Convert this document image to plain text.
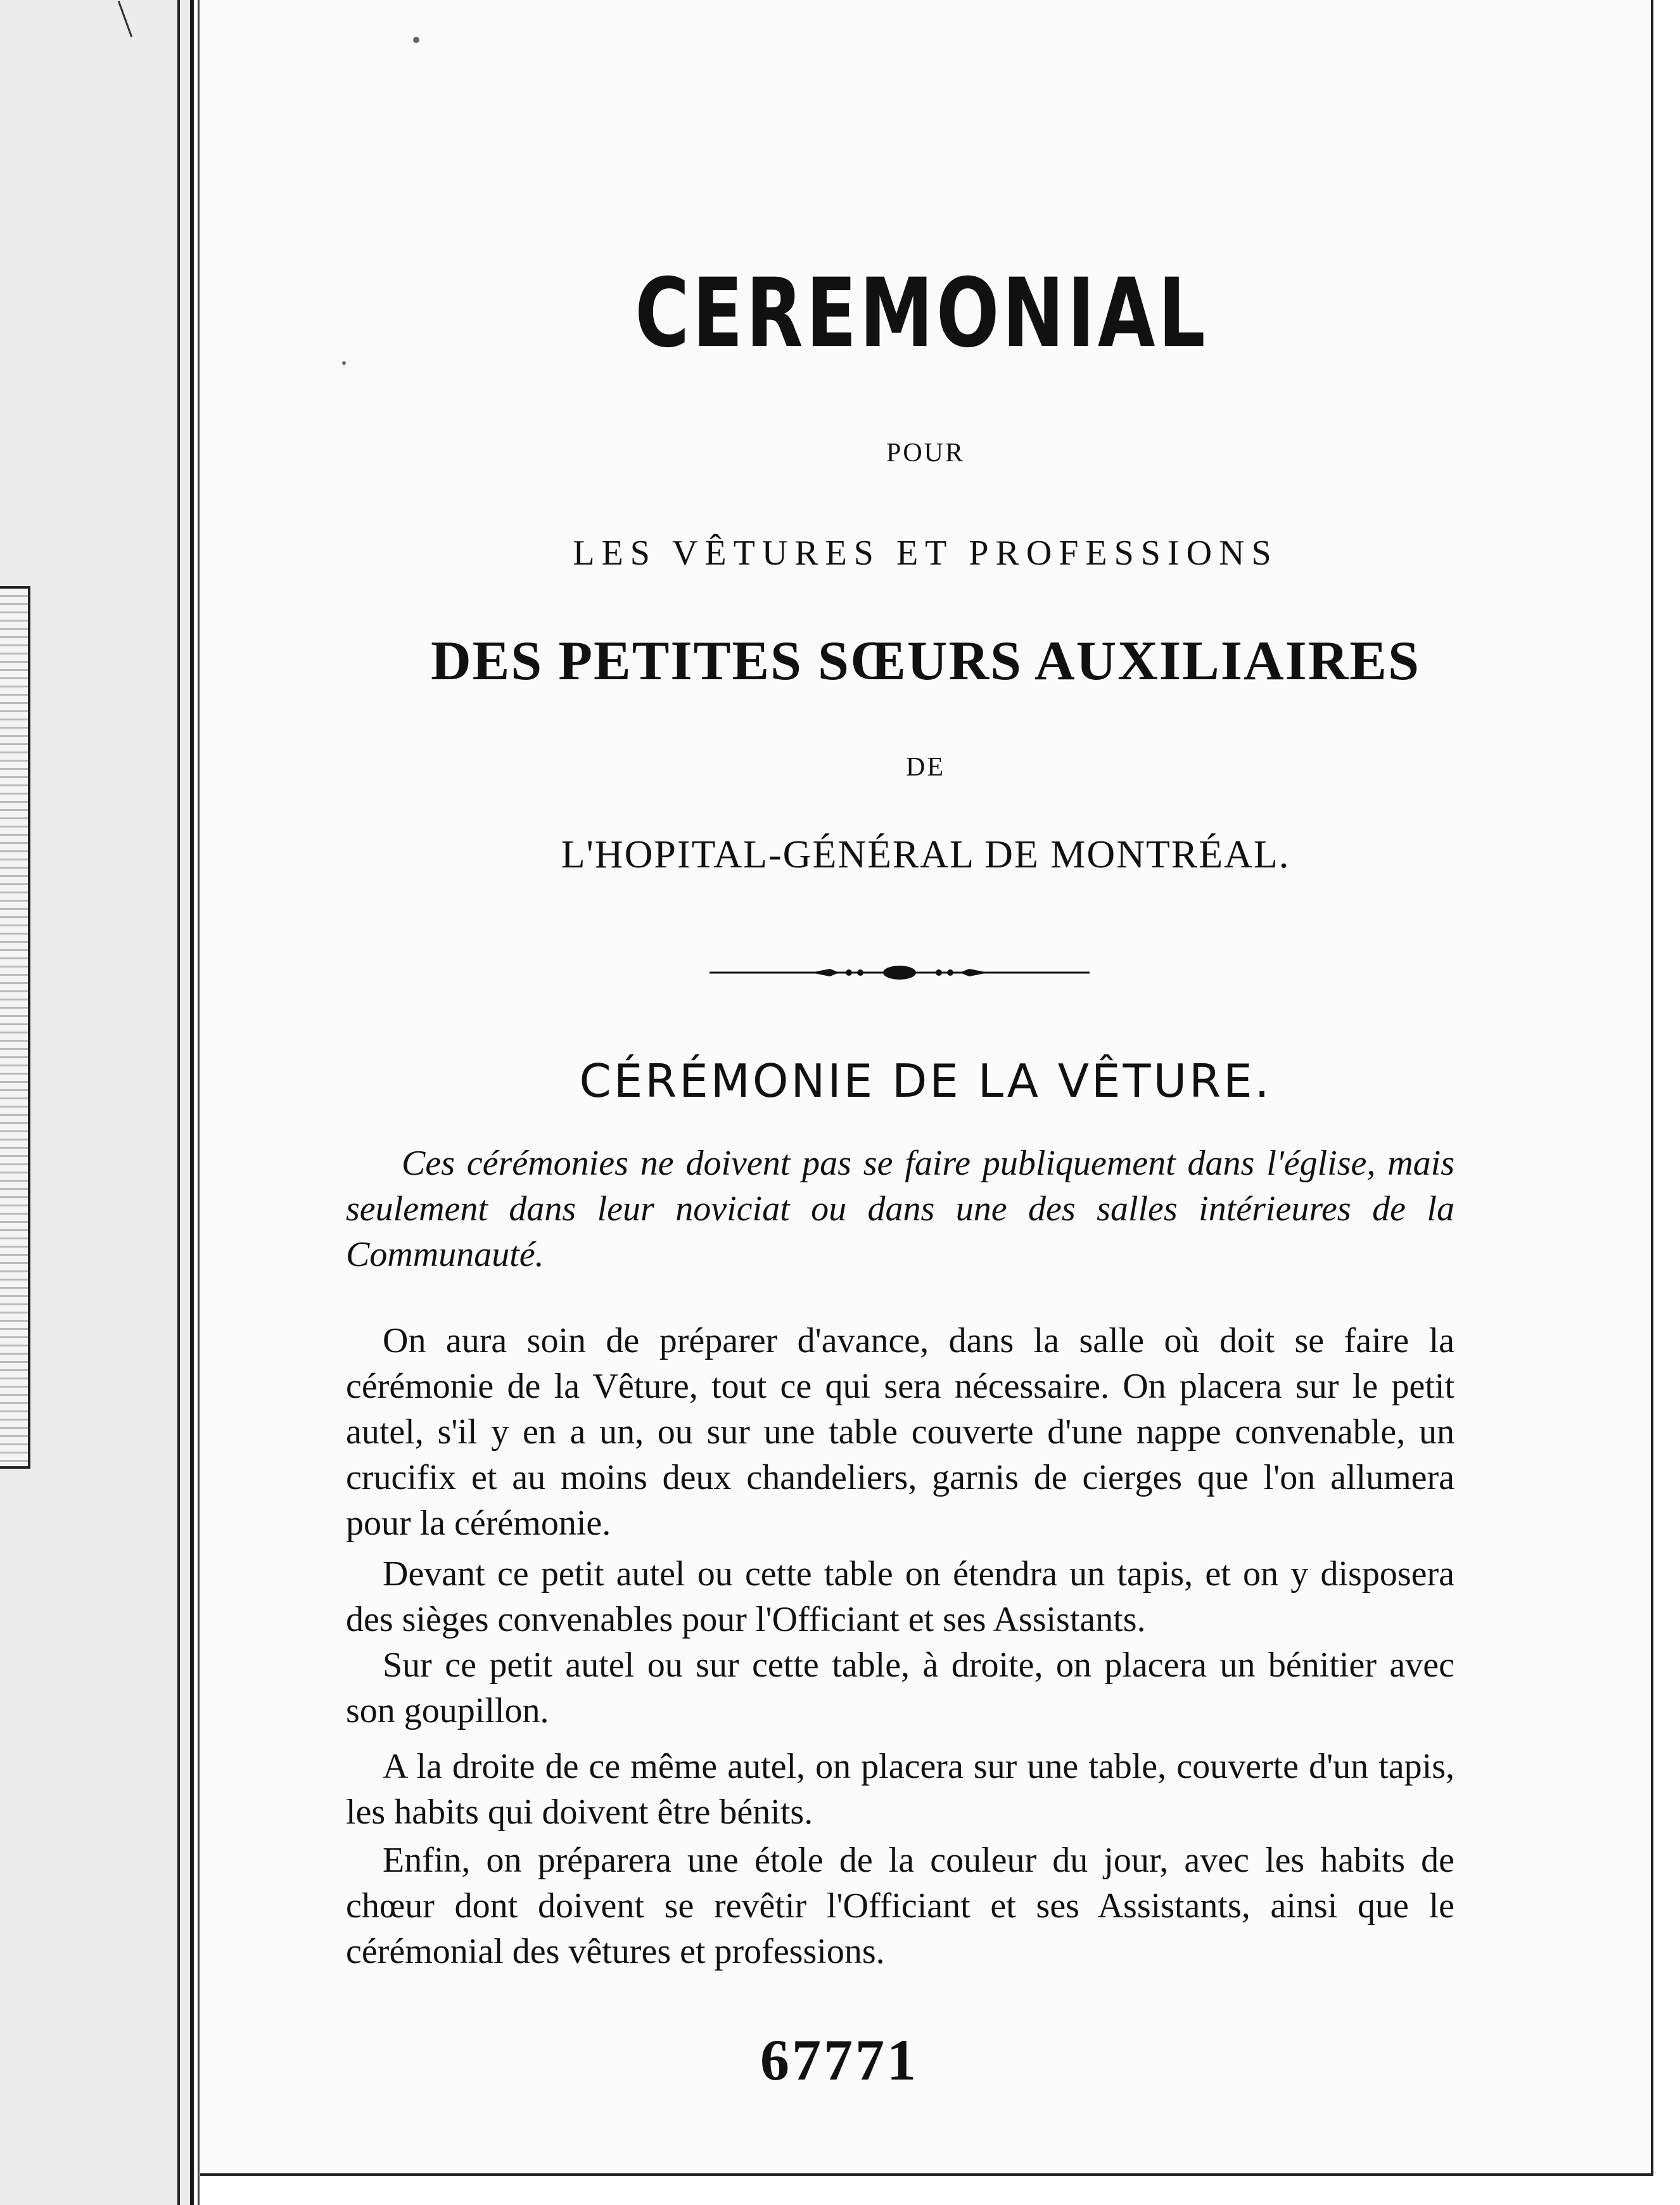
CEREMONIAL
POUR
LES VÊTURES ET PROFESSIONS
DES PETITES SŒURS AUXILIAIRES
DE
L'HOPITAL-GÉNÉRAL DE MONTRÉAL.
CÉRÉMONIE DE LA VÊTURE.
Ces cérémonies ne doivent pas se faire publiquement dans l'église, mais seulement dans leur noviciat ou dans une des salles intérieures de la Communauté.
On aura soin de préparer d'avance, dans la salle où doit se faire la cérémonie de la Vêture, tout ce qui sera nécessaire. On placera sur le petit autel, s'il y en a un, ou sur une table couverte d'une nappe convenable, un crucifix et au moins deux chandeliers, garnis de cierges que l'on allumera pour la cérémonie.
Devant ce petit autel ou cette table on étendra un tapis, et on y disposera des sièges convenables pour l'Officiant et ses Assistants.
Sur ce petit autel ou sur cette table, à droite, on placera un bénitier avec son goupillon.
A la droite de ce même autel, on placera sur une table, couverte d'un tapis, les habits qui doivent être bénits.
Enfin, on préparera une étole de la couleur du jour, avec les habits de chœur dont doivent se revêtir l'Officiant et ses Assistants, ainsi que le cérémonial des vêtures et professions.
67771
